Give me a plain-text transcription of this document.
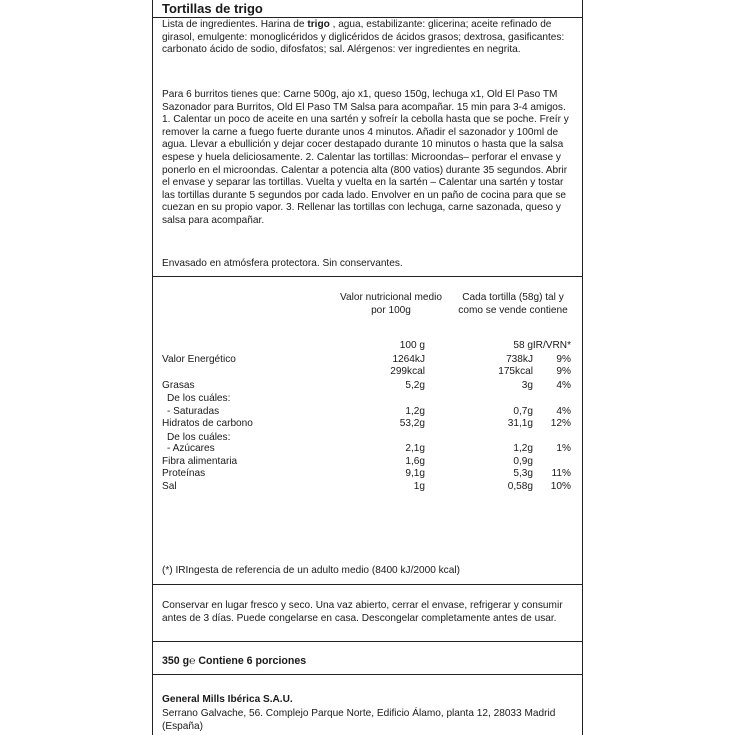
Tortillas de trigo

Lista de ingredientes. Harina de trigo , agua, estabilizante: glicerina; aceite refinado de girasol, emulgente: monoglicéridos y diglicéridos de ácidos grasos; dextrosa, gasificantes: carbonato ácido de sodio, difosfatos; sal. Alérgenos: ver ingredientes en negrita.

Para 6 burritos tienes que: Carne 500g, ajo x1, queso 150g, lechuga x1, Old El Paso TM Sazonador para Burritos, Old El Paso TM Salsa para acompañar. 15 min para 3-4 amigos. 1. Calentar un poco de aceite en una sartén y sofreír la cebolla hasta que se poche. Freír y remover la carne a fuego fuerte durante unos 4 minutos. Añadir el sazonador y 100ml de agua. Llevar a ebullición y dejar cocer destapado durante 10 minutos o hasta que la salsa espese y huela deliciosamente. 2. Calentar las tortillas: Microondas– perforar el envase y ponerlo en el microondas. Calentar a potencia alta (800 vatios) durante 35 segundos. Abrir el envase y separar las tortillas. Vuelta y vuelta en la sartén – Calentar una sartén y tostar las tortillas durante 5 segundos por cada lado. Envolver en un paño de cocina para que se cuezan en su propio vapor. 3. Rellenar las tortillas con lechuga, carne sazonada, queso y salsa para acompañar.

Envasado en atmósfera protectora. Sin conservantes.

Valor nutricional medio
por 100g
Cada tortilla (58g) tal y
como se vende contiene
100 g	58 g IR/VRN*
Valor Energético	1264kJ	738kJ	9%
299kcal	175kcal	9%
Grasas	5,2g	3g	4%
De los cuáles:
- Saturadas	1,2g	0,7g	4%
Hidratos de carbono	53,2g	31,1g	12%
De los cuáles:
- Azúcares	2,1g	1,2g	1%
Fibra alimentaria	1,6g	0,9g
Proteínas	9,1g	5,3g	11%
Sal	1g	0,58g	10%

(*) IRIngesta de referencia de un adulto medio (8400 kJ/2000 kcal)

Conservar en lugar fresco y seco. Una vaz abierto, cerrar el envase, refrigerar y consumir antes de 3 días. Puede congelarse en casa. Descongelar completamente antes de usar.

350 g℮ Contiene 6 porciones

General Mills Ibérica S.A.U.

Serrano Galvache, 56. Complejo Parque Norte, Edificio Álamo, planta 12, 28033 Madrid (España)
